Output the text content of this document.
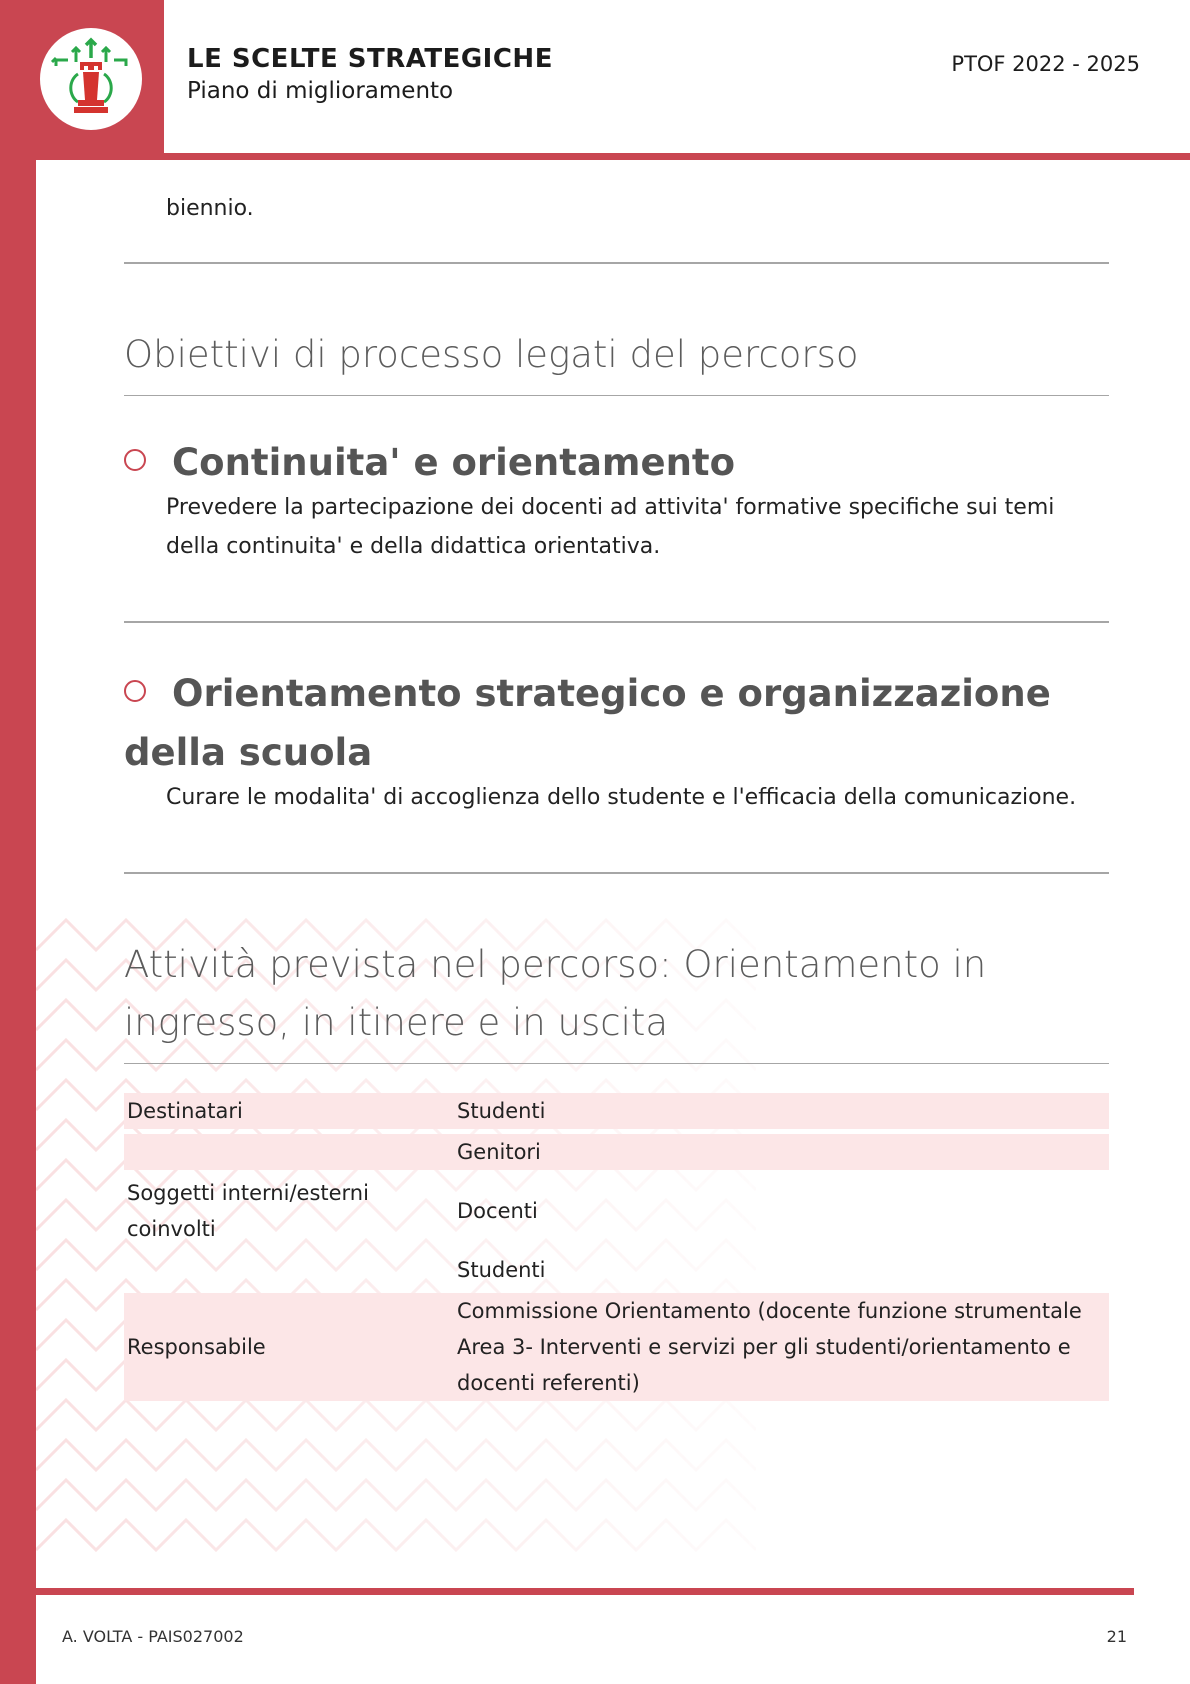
LE SCELTE STRATEGICHE
Piano di miglioramento
PTOF 2022 - 2025
biennio.
Obiettivi di processo legati del percorso
Continuita' e orientamento
Prevedere la partecipazione dei docenti ad attivita' formative specifiche sui temi della continuita' e della didattica orientativa.
Orientamento strategico e organizzazione della scuola
Curare le modalita' di accoglienza dello studente e l'efficacia della comunicazione.
Attività prevista nel percorso: Orientamento in ingresso, in itinere e in uscita
Destinatari	Studenti
	Genitori
Soggetti interni/esterni coinvolti	Docenti
	Studenti
Responsabile	Commissione Orientamento (docente funzione strumentale Area 3- Interventi e servizi per gli studenti/orientamento e docenti referenti)
A. VOLTA - PAIS027002	21
